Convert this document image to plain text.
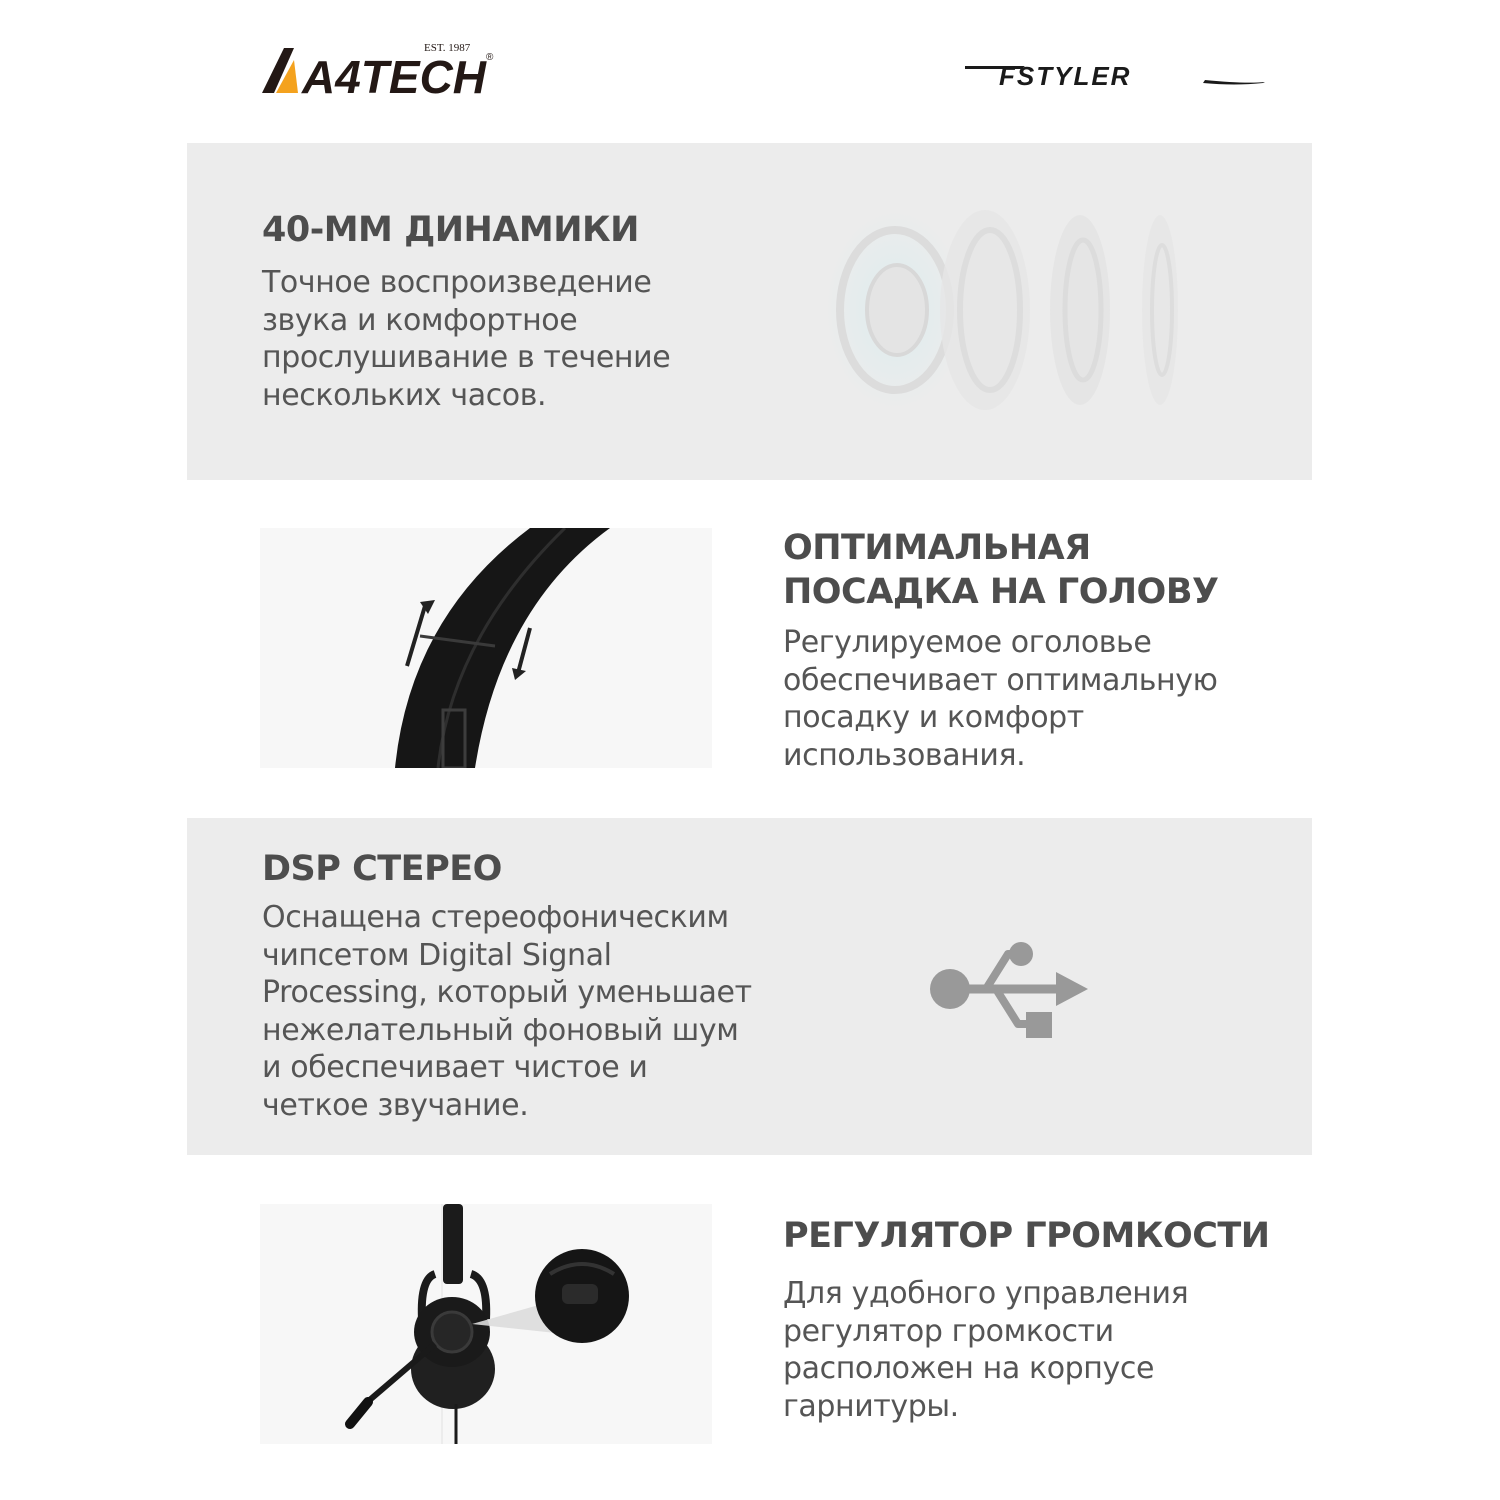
A4TECH
EST. 1987
®
FSTYLER
40-ММ ДИНАМИКИ

Точное воспроизведение
звука и комфортное
прослушивание в течение
нескольких часов.

ОПТИМАЛЬНАЯ
ПОСАДКА НА ГОЛОВУ

Регулируемое оголовье
обеспечивает оптимальную
посадку и комфорт
использования.

DSP СТЕРЕО

Оснащена стереофоническим
чипсетом Digital Signal
Processing, который уменьшает
нежелательный фоновый шум
и обеспечивает чистое и
четкое звучание.

РЕГУЛЯТОР ГРОМКОСТИ

Для удобного управления
регулятор громкости
расположен на корпусе
гарнитуры.
